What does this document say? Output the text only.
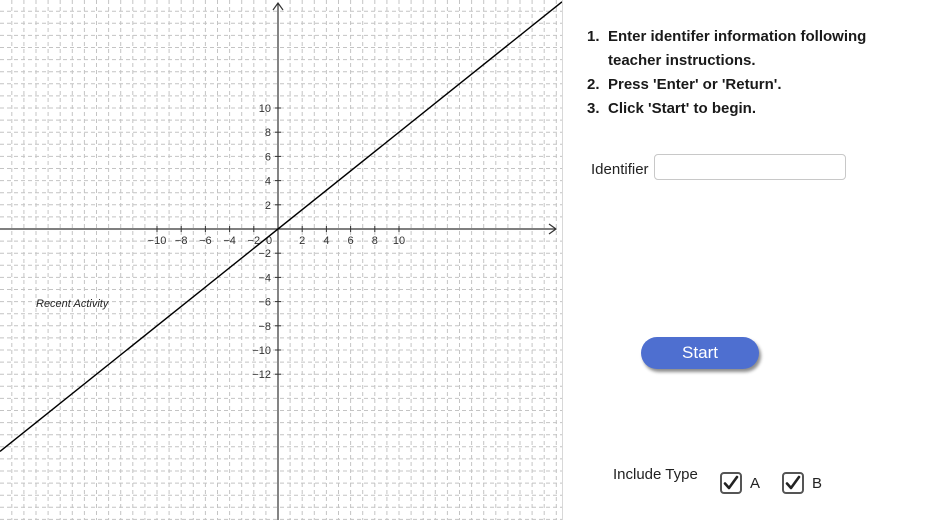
−10 −8 −6 −4 −2 0 2 4 6 8 10
10
8
6
4
2
−2
−4
−6
−8
−10
−12
Recent Activity
1. Enter identifer information following
teacher instructions.
2. Press 'Enter' or 'Return'.
3. Click 'Start' to begin.
Identifier
Start
Include Type
A	B
